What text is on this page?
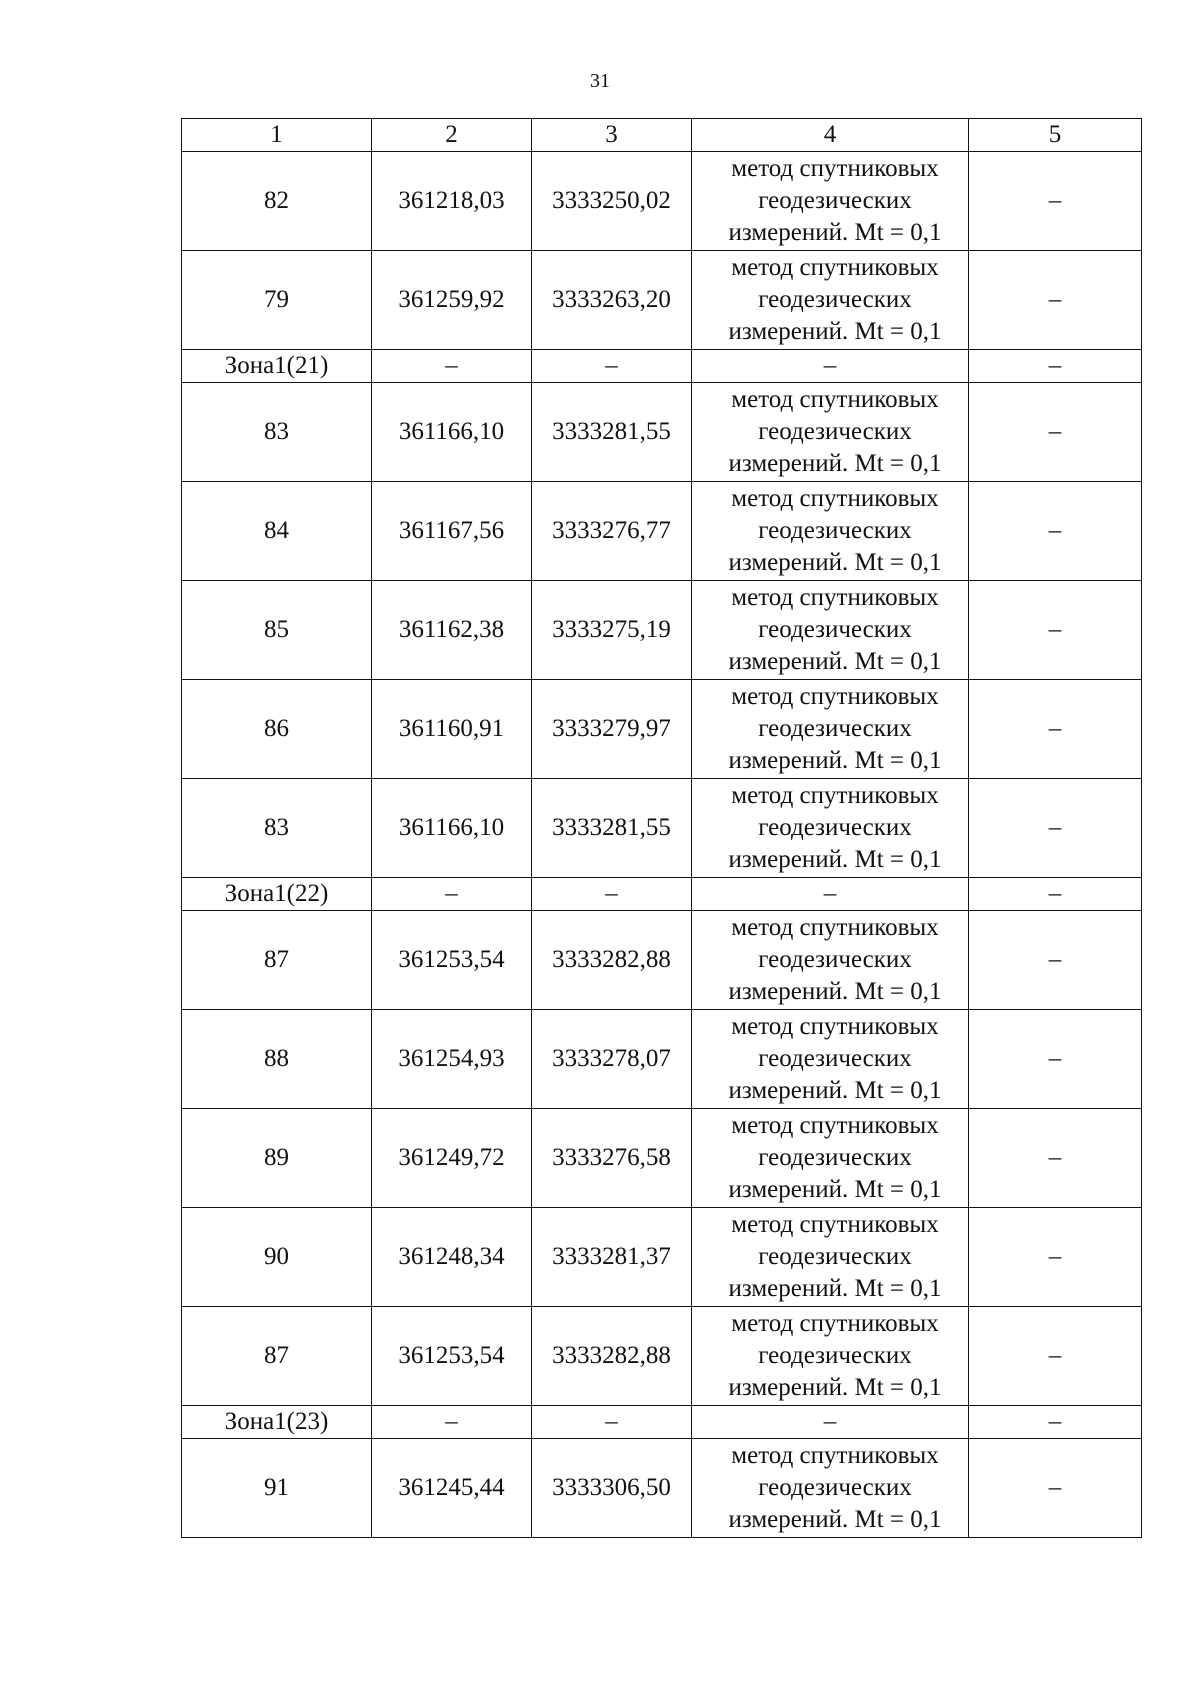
31
1	2	3	4	5
82	361218,03	3333250,02	метод спутниковых
геодезических
измерений. Mt = 0,1	–
79	361259,92	3333263,20	метод спутниковых
геодезических
измерений. Mt = 0,1	–
Зона1(21)	–	–	–	–
83	361166,10	3333281,55	метод спутниковых
геодезических
измерений. Mt = 0,1	–
84	361167,56	3333276,77	метод спутниковых
геодезических
измерений. Mt = 0,1	–
85	361162,38	3333275,19	метод спутниковых
геодезических
измерений. Mt = 0,1	–
86	361160,91	3333279,97	метод спутниковых
геодезических
измерений. Mt = 0,1	–
83	361166,10	3333281,55	метод спутниковых
геодезических
измерений. Mt = 0,1	–
Зона1(22)	–	–	–	–
87	361253,54	3333282,88	метод спутниковых
геодезических
измерений. Mt = 0,1	–
88	361254,93	3333278,07	метод спутниковых
геодезических
измерений. Mt = 0,1	–
89	361249,72	3333276,58	метод спутниковых
геодезических
измерений. Mt = 0,1	–
90	361248,34	3333281,37	метод спутниковых
геодезических
измерений. Mt = 0,1	–
87	361253,54	3333282,88	метод спутниковых
геодезических
измерений. Mt = 0,1	–
Зона1(23)	–	–	–	–
91	361245,44	3333306,50	метод спутниковых
геодезических
измерений. Mt = 0,1	–
